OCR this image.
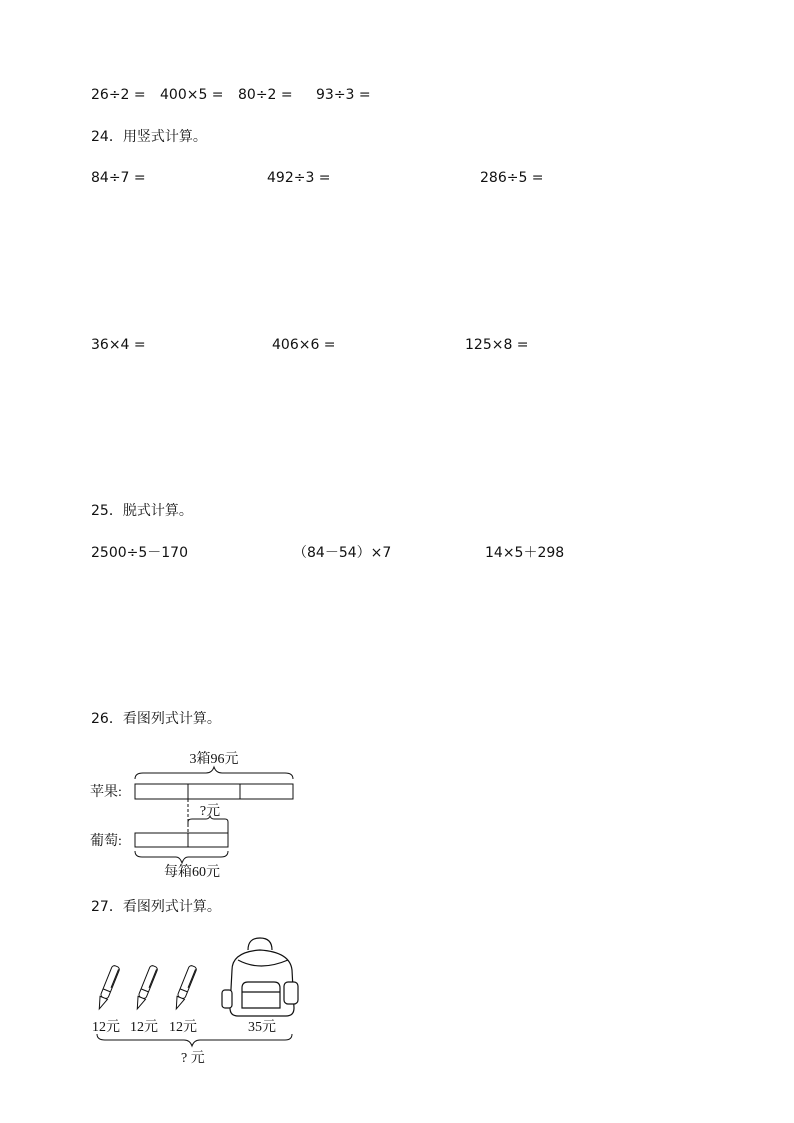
26÷2 = 400×5 = 80÷2 = 93÷3 =
24．用竖式计算。
84÷7 =	492÷3 =	286÷5 =
36×4 =	406×6 =	125×8 =
25．脱式计算。
2500÷5－170	（84－54）×7	14×5＋298
26．看图列式计算。
3箱96元
苹果:
?元
葡萄:
每箱60元
27．看图列式计算。
12元 12元 12元	35元
? 元
